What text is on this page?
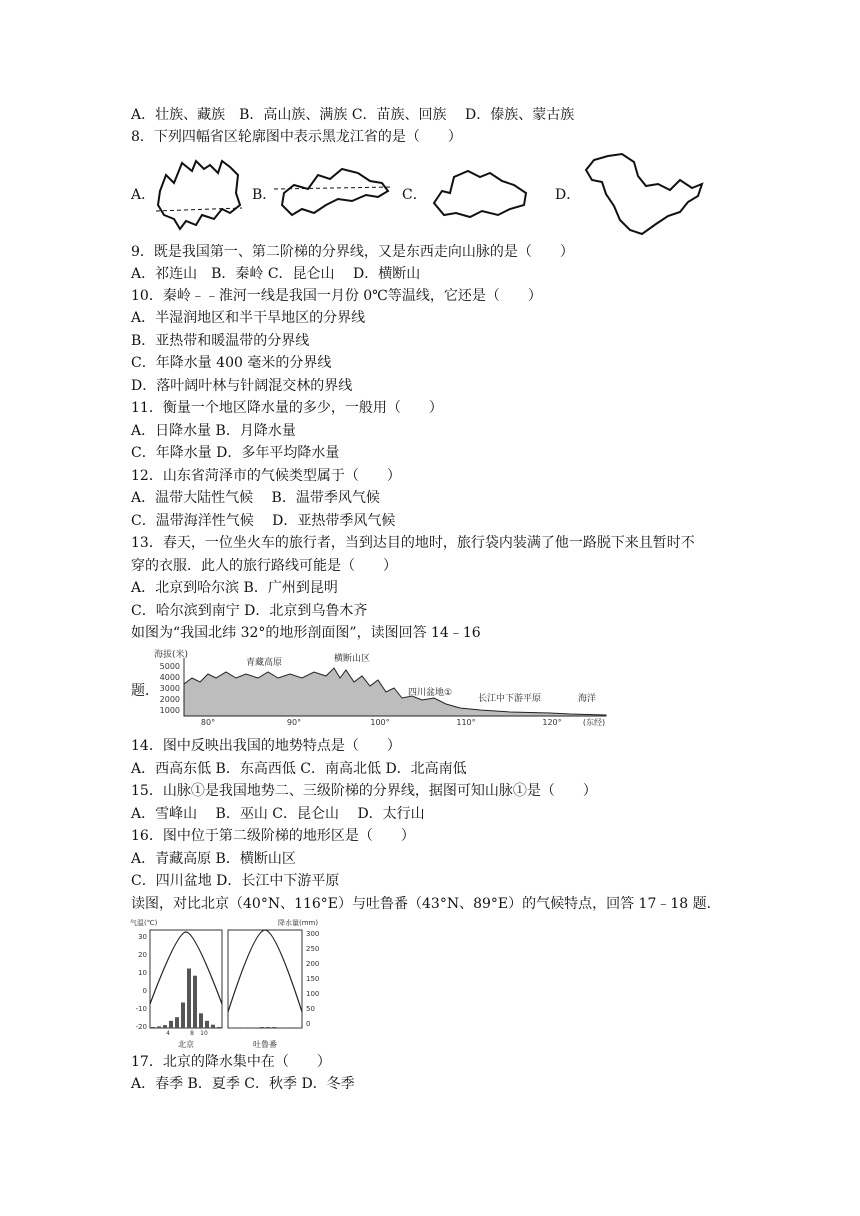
A．壮族、藏族　B．高山族、满族 C．苗族、回族　 D．傣族、蒙古族
8．下列四幅省区轮廓图中表示黑龙江省的是（　　）
A．	B．	C．	D．
9．既是我国第一、第二阶梯的分界线，又是东西走向山脉的是（　　）
A．祁连山　B．秦岭 C．昆仑山　 D．横断山
10．秦岭﹣﹣淮河一线是我国一月份 0℃等温线，它还是（　　）
A．半湿润地区和半干旱地区的分界线
B．亚热带和暖温带的分界线
C．年降水量 400 毫米的分界线
D．落叶阔叶林与针阔混交林的界线
11．衡量一个地区降水量的多少，一般用（　　）
A．日降水量 B．月降水量
C．年降水量 D．多年平均降水量
12．山东省菏泽市的气候类型属于（　　）
A．温带大陆性气候　 B．温带季风气候
C．温带海洋性气候　 D．亚热带季风气候
13．春天，一位坐火车的旅行者，当到达目的地时，旅行袋内装满了他一路脱下来且暂时不
穿的衣服．此人的旅行路线可能是（　　）
A．北京到哈尔滨 B．广州到昆明
C．哈尔滨到南宁 D．北京到乌鲁木齐
如图为“我国北纬 32°的地形剖面图”，读图回答 14﹣16
题．
海拔(米)
5000
4000
3000
2000
1000
青藏高原	横断山区
四川盆地①
长江中下游平原	海洋
80°	90°	100°	110°	120°	(东经)
14．图中反映出我国的地势特点是（　　）
A．西高东低 B．东高西低 C．南高北低 D．北高南低
15．山脉①是我国地势二、三级阶梯的分界线，据图可知山脉①是（　　）
A．雪峰山　 B．巫山 C．昆仑山　 D．太行山
16．图中位于第二级阶梯的地形区是（　　）
A．青藏高原 B．横断山区
C．四川盆地 D．长江中下游平原
读图，对比北京（40°N、116°E）与吐鲁番（43°N、89°E）的气候特点，回答 17﹣18 题．
气温(℃)	降水量(mm)
30
20
10
0
-10
-20
300
250
200
150
100
50
0
4	8 10
北京	吐鲁番
17．北京的降水集中在（　　）
A．春季 B．夏季 C．秋季 D．冬季
